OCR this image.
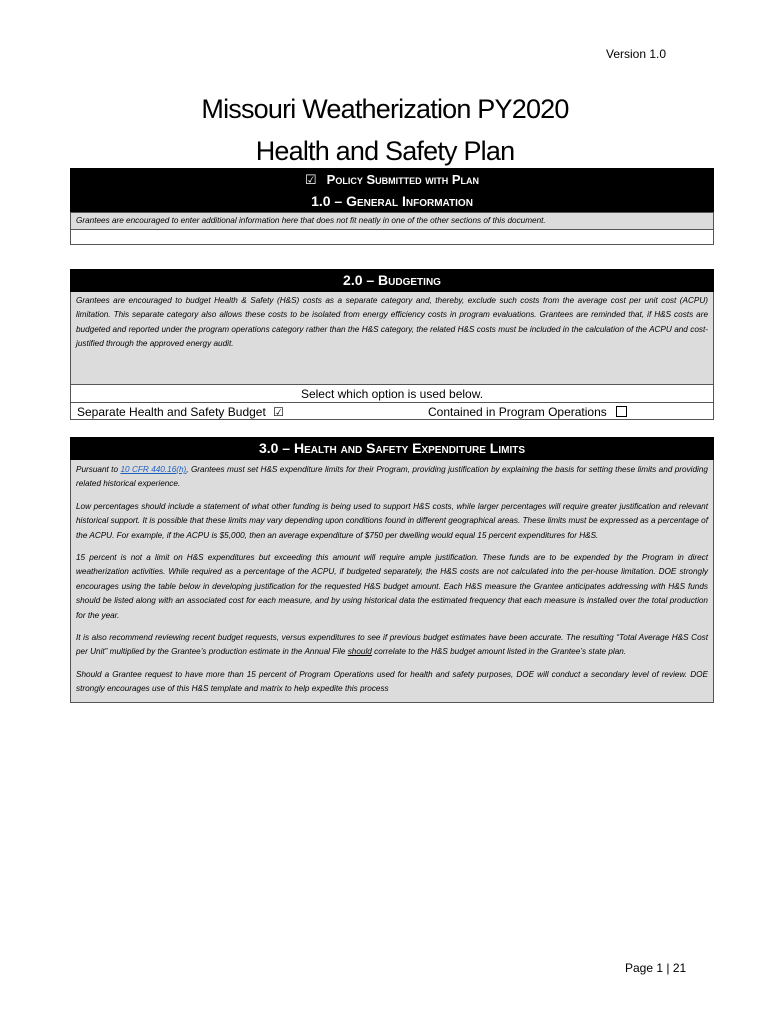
Version 1.0
Missouri Weatherization PY2020
Health and Safety Plan
☑ Policy Submitted with Plan
1.0 – General Information
Grantees are encouraged to enter additional information here that does not fit neatly in one of the other sections of this document.
2.0 – Budgeting
Grantees are encouraged to budget Health & Safety (H&S) costs as a separate category and, thereby, exclude such costs from the average cost per unit cost (ACPU) limitation. This separate category also allows these costs to be isolated from energy efficiency costs in program evaluations. Grantees are reminded that, if H&S costs are budgeted and reported under the program operations category rather than the H&S category, the related H&S costs must be included in the calculation of the ACPU and cost-justified through the approved energy audit.
Select which option is used below.
Separate Health and Safety Budget ☑	Contained in Program Operations
3.0 – Health and Safety Expenditure Limits

Pursuant to 10 CFR 440.16(h), Grantees must set H&S expenditure limits for their Program, providing justification by explaining the basis for setting these limits and providing related historical experience.

Low percentages should include a statement of what other funding is being used to support H&S costs, while larger percentages will require greater justification and relevant historical support. It is possible that these limits may vary depending upon conditions found in different geographical areas. These limits must be expressed as a percentage of the ACPU. For example, if the ACPU is $5,000, then an average expenditure of $750 per dwelling would equal 15 percent expenditures for H&S.

15 percent is not a limit on H&S expenditures but exceeding this amount will require ample justification. These funds are to be expended by the Program in direct weatherization activities. While required as a percentage of the ACPU, if budgeted separately, the H&S costs are not calculated into the per-house limitation. DOE strongly encourages using the table below in developing justification for the requested H&S budget amount. Each H&S measure the Grantee anticipates addressing with H&S funds should be listed along with an associated cost for each measure, and by using historical data the estimated frequency that each measure is installed over the total production for the year.

It is also recommend reviewing recent budget requests, versus expenditures to see if previous budget estimates have been accurate. The resulting “Total Average H&S Cost per Unit” multiplied by the Grantee’s production estimate in the Annual File should correlate to the H&S budget amount listed in the Grantee’s state plan.

Should a Grantee request to have more than 15 percent of Program Operations used for health and safety purposes, DOE will conduct a secondary level of review. DOE strongly encourages use of this H&S template and matrix to help expedite this process

Page 1 | 21
